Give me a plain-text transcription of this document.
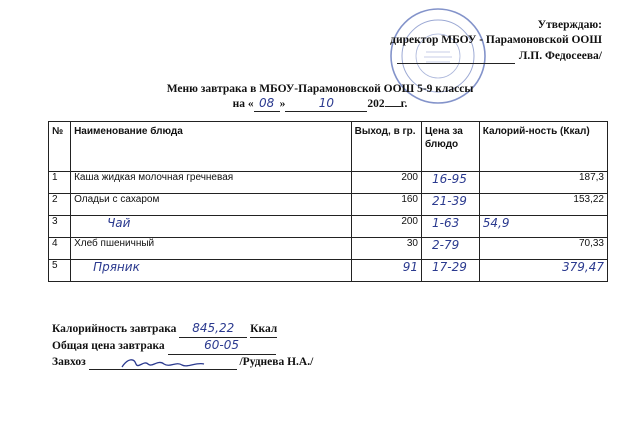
Утверждаю:
директор МБОУ - Парамоновской ООШ
Л.П. Федосеева/
Меню завтрака в МБОУ-Парамоновской ООШ 5-9 классы
на « 08 »	10	202 г.
№	Наименование блюда	Выход, в гр.	Цена за блюдо	Калорий-ность (Ккал)
1	Каша жидкая молочная гречневая	200	16-95	187,3
2	Оладьи с сахаром	160	21-39	153,22
3	Чай	200	1-63	54,9
4	Хлеб пшеничный	30	2-79	70,33
5	Пряник	91	17-29	379,47
Калорийность завтрака 845,22 Ккал
Общая цена завтрака	60-05
Завхоз	/Руднева Н.А./
